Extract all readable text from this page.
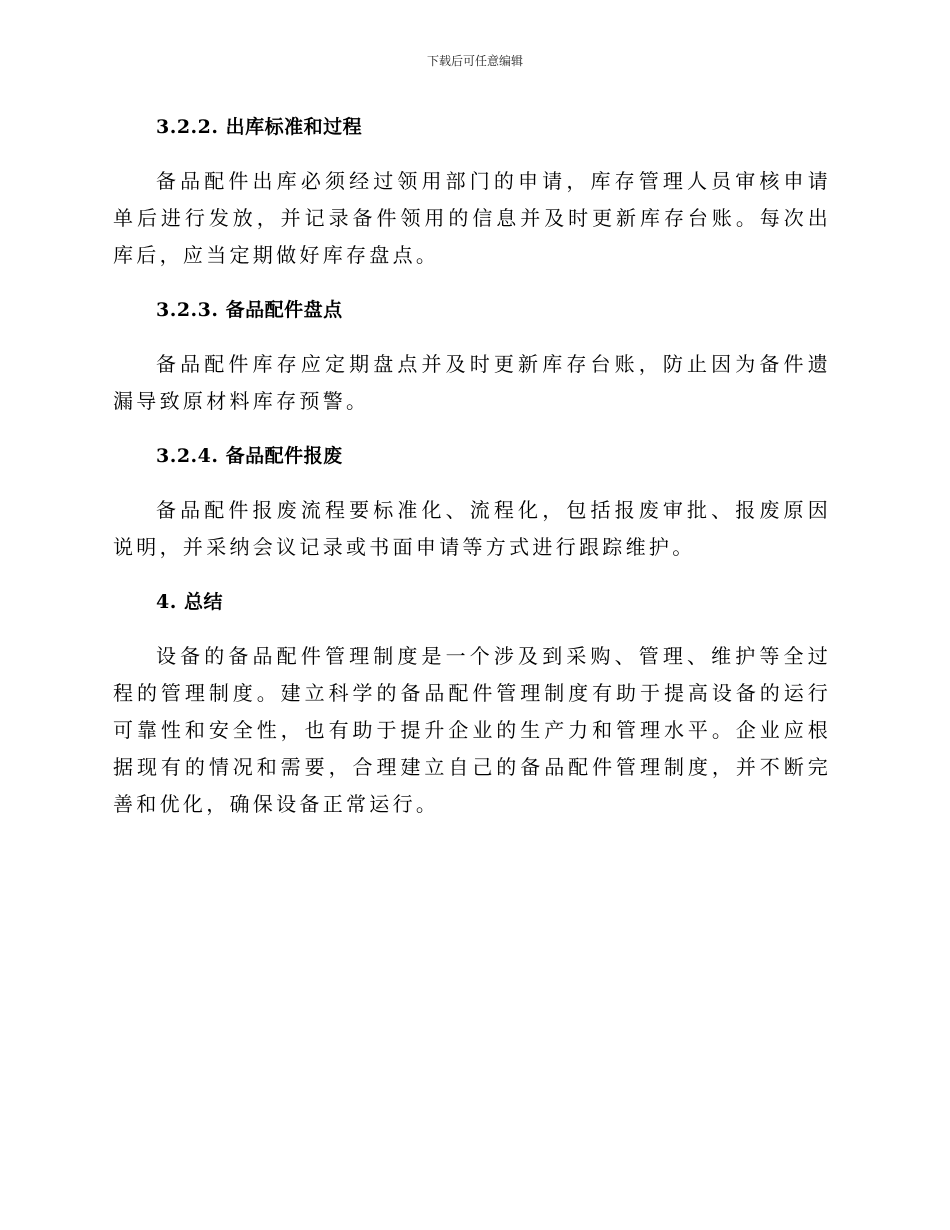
下载后可任意编辑
3.2.2. 出库标准和过程

备品配件出库必须经过领用部门的申请，库存管理人员审核申请单后进行发放，并记录备件领用的信息并及时更新库存台账。每次出库后，应当定期做好库存盘点。

3.2.3. 备品配件盘点

备品配件库存应定期盘点并及时更新库存台账，防止因为备件遗漏导致原材料库存预警。

3.2.4. 备品配件报废

备品配件报废流程要标准化、流程化，包括报废审批、报废原因说明，并采纳会议记录或书面申请等方式进行跟踪维护。

4. 总结

设备的备品配件管理制度是一个涉及到采购、管理、维护等全过程的管理制度。建立科学的备品配件管理制度有助于提高设备的运行可靠性和安全性，也有助于提升企业的生产力和管理水平。企业应根据现有的情况和需要，合理建立自己的备品配件管理制度，并不断完善和优化，确保设备正常运行。
